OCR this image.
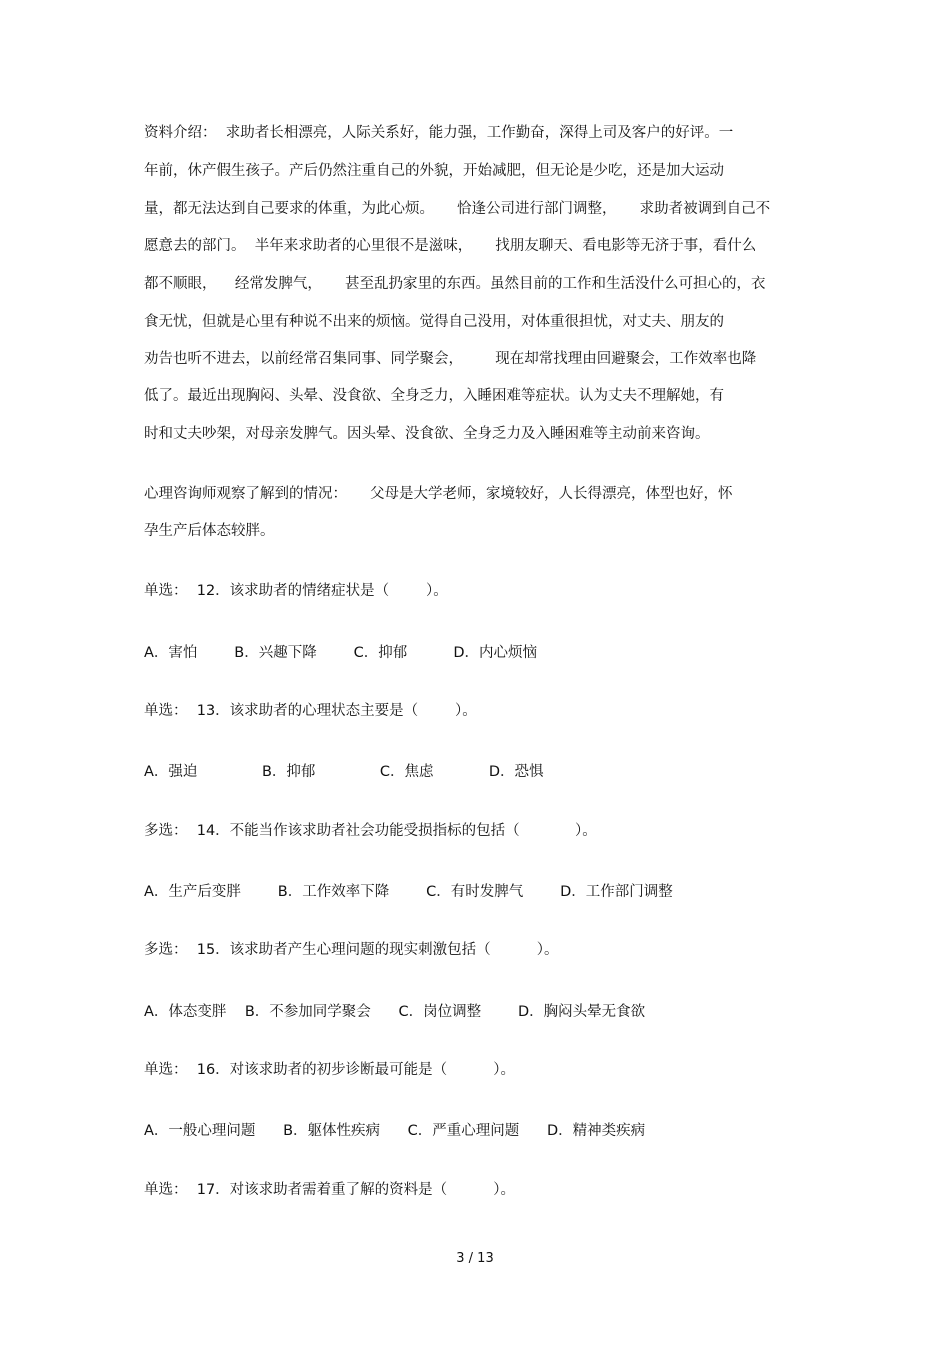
资料介绍：  求助者长相漂亮，人际关系好，能力强，工作勤奋，深得上司及客户的好评。一
年前，休产假生孩子。产后仍然注重自己的外貌，开始减肥，但无论是少吃，还是加大运动
量，都无法达到自己要求的体重，为此心烦。     恰逢公司进行部门调整，     求助者被调到自己不
愿意去的部门。  半年来求助者的心里很不是滋味，     找朋友聊天、看电影等无济于事，看什么
都不顺眼，    经常发脾气，     甚至乱扔家里的东西。虽然目前的工作和生活没什么可担心的，衣
食无忧，但就是心里有种说不出来的烦恼。觉得自己没用，对体重很担忧，对丈夫、朋友的
劝告也听不进去，以前经常召集同事、同学聚会，       现在却常找理由回避聚会，工作效率也降
低了。最近出现胸闷、头晕、没食欲、全身乏力，入睡困难等症状。认为丈夫不理解她，有
时和丈夫吵架，对母亲发脾气。因头晕、没食欲、全身乏力及入睡困难等主动前来咨询。
心理咨询师观察了解到的情况：     父母是大学老师，家境较好，人长得漂亮，体型也好，怀
孕生产后体态较胖。
单选：  12．该求助者的情绪症状是（        ）。
A．害怕        B．兴趣下降        C．抑郁          D．内心烦恼
单选：  13．该求助者的心理状态主要是（        ）。
A．强迫              B．抑郁              C．焦虑            D．恐惧
多选：  14．不能当作该求助者社会功能受损指标的包括（            ）。
A．生产后变胖        B．工作效率下降        C．有时发脾气        D．工作部门调整
多选：  15．该求助者产生心理问题的现实刺激包括（          ）。
A．体态变胖    B．不参加同学聚会      C．岗位调整        D．胸闷头晕无食欲
单选：  16．对该求助者的初步诊断最可能是（          ）。
A．一般心理问题      B．躯体性疾病      C．严重心理问题      D．精神类疾病
单选：  17．对该求助者需着重了解的资料是（          ）。
3 / 13
